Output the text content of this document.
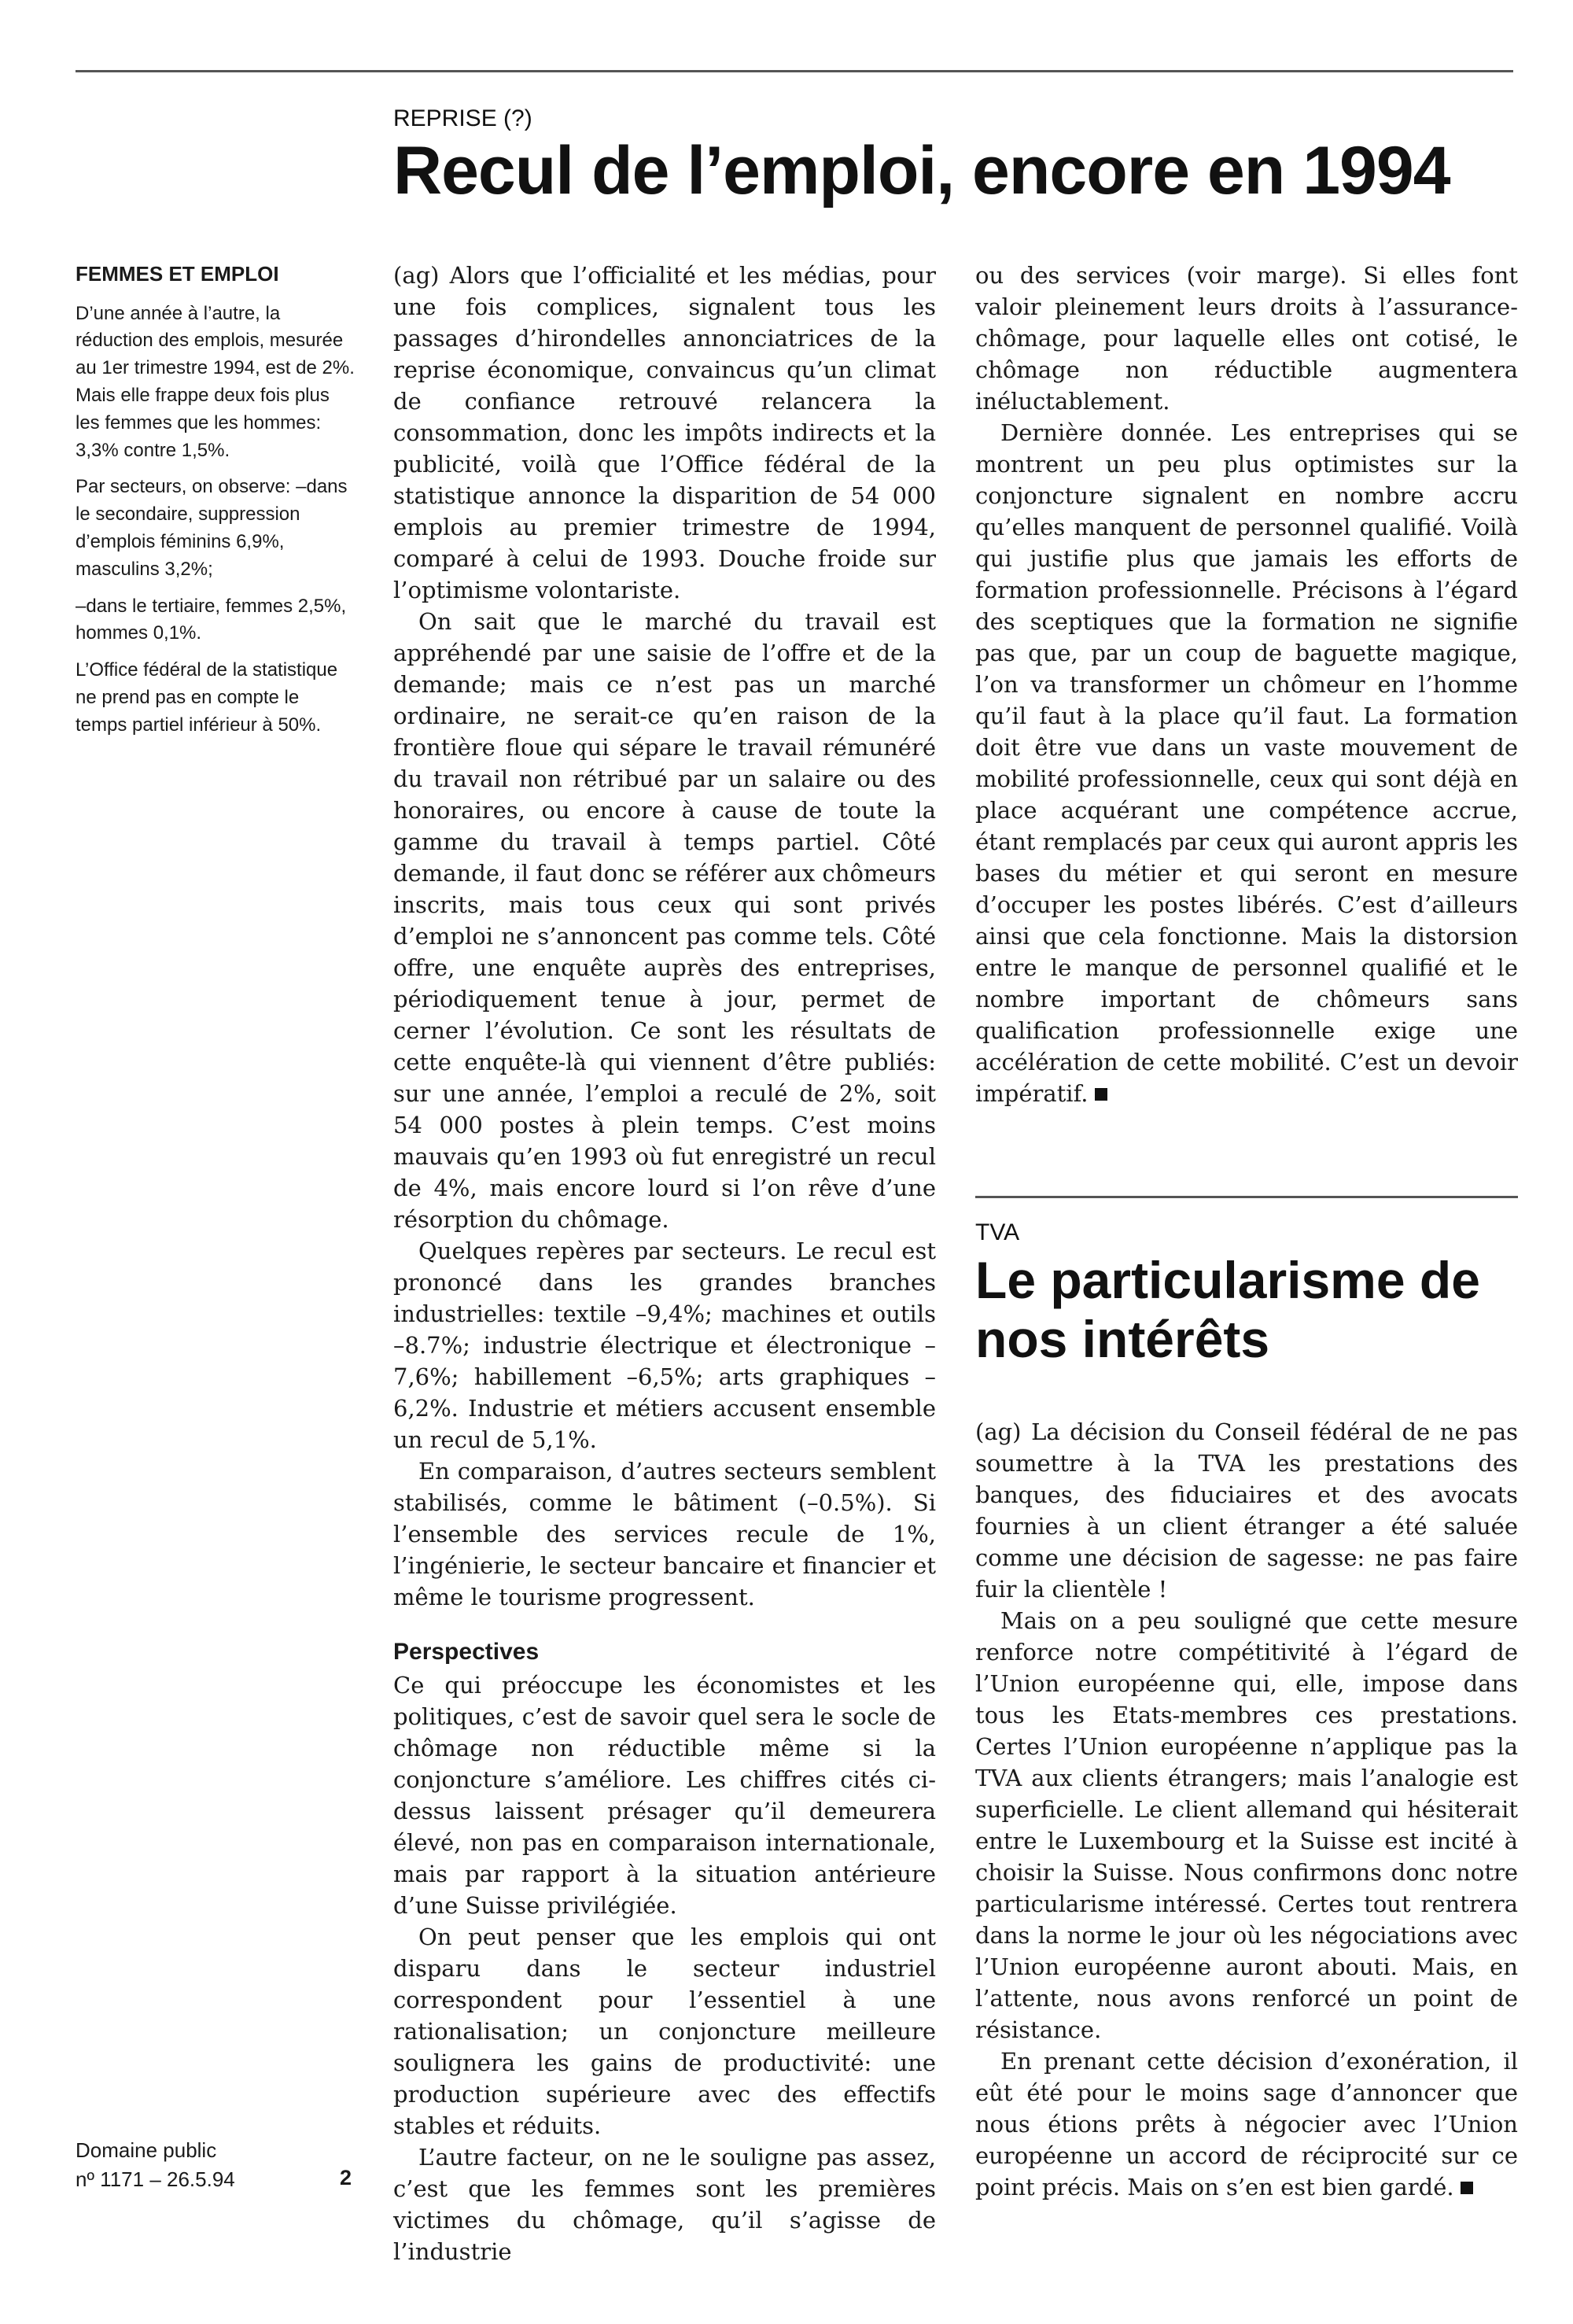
REPRISE (?)
Recul de l’emploi, encore en 1994
FEMMES ET EMPLOI

D’une année à l’autre, la réduction des emplois, mesurée au 1er trimestre 1994, est de 2%. Mais elle frappe deux fois plus les femmes que les hommes: 3,3% contre 1,5%.

Par secteurs, on observe: –dans le secondaire, suppression d’emplois féminins 6,9%, masculins 3,2%;

–dans le tertiaire, femmes 2,5%, hommes 0,1%.

L’Office fédéral de la statistique ne prend pas en compte le temps partiel inférieur à 50%.

(ag) Alors que l’officialité et les médias, pour une fois complices, signalent tous les passages d’hirondelles annonciatrices de la reprise économique, convaincus qu’un climat de confiance retrouvé relancera la consommation, donc les impôts indirects et la publicité, voilà que l’Office fédéral de la statistique annonce la disparition de 54 000 emplois au premier trimestre de 1994, comparé à celui de 1993. Douche froide sur l’optimisme volontariste.

On sait que le marché du travail est appréhendé par une saisie de l’offre et de la demande; mais ce n’est pas un marché ordinaire, ne serait-ce qu’en raison de la frontière floue qui sépare le travail rémunéré du travail non rétribué par un salaire ou des honoraires, ou encore à cause de toute la gamme du travail à temps partiel. Côté demande, il faut donc se référer aux chômeurs inscrits, mais tous ceux qui sont privés d’emploi ne s’annoncent pas comme tels. Côté offre, une enquête auprès des entreprises, périodiquement tenue à jour, permet de cerner l’évolution. Ce sont les résultats de cette enquête-là qui viennent d’être publiés: sur une année, l’emploi a reculé de 2%, soit 54 000 postes à plein temps. C’est moins mauvais qu’en 1993 où fut enregistré un recul de 4%, mais encore lourd si l’on rêve d’une résorption du chômage.

Quelques repères par secteurs. Le recul est prononcé dans les grandes branches industrielles: textile –9,4%; machines et outils –8.7%; industrie électrique et électronique –7,6%; habillement –6,5%; arts graphiques –6,2%. Industrie et métiers accusent ensemble un recul de 5,1%.

En comparaison, d’autres secteurs semblent stabilisés, comme le bâtiment (–0.5%). Si l’ensemble des services recule de 1%, l’ingénierie, le secteur bancaire et financier et même le tourisme progressent.

Perspectives

Ce qui préoccupe les économistes et les politiques, c’est de savoir quel sera le socle de chômage non réductible même si la conjoncture s’améliore. Les chiffres cités ci-dessus laissent présager qu’il demeurera élevé, non pas en comparaison internationale, mais par rapport à la situation antérieure d’une Suisse privilégiée.

On peut penser que les emplois qui ont disparu dans le secteur industriel correspondent pour l’essentiel à une rationalisation; un conjoncture meilleure soulignera les gains de productivité: une production supérieure avec des effectifs stables et réduits.

L’autre facteur, on ne le souligne pas assez, c’est que les femmes sont les premières victimes du chômage, qu’il s’agisse de l’industrie

ou des services (voir marge). Si elles font valoir pleinement leurs droits à l’assurance-chômage, pour laquelle elles ont cotisé, le chômage non réductible augmentera inéluctablement.

Dernière donnée. Les entreprises qui se montrent un peu plus optimistes sur la conjoncture signalent en nombre accru qu’elles manquent de personnel qualifié. Voilà qui justifie plus que jamais les efforts de formation professionnelle. Précisons à l’égard des sceptiques que la formation ne signifie pas que, par un coup de baguette magique, l’on va transformer un chômeur en l’homme qu’il faut à la place qu’il faut. La formation doit être vue dans un vaste mouvement de mobilité professionnelle, ceux qui sont déjà en place acquérant une compétence accrue, étant remplacés par ceux qui auront appris les bases du métier et qui seront en mesure d’occuper les postes libérés. C’est d’ailleurs ainsi que cela fonctionne. Mais la distorsion entre le manque de personnel qualifié et le nombre important de chômeurs sans qualification professionnelle exige une accélération de cette mobilité. C’est un devoir impératif.

TVA
Le particularisme de nos intérêts

(ag) La décision du Conseil fédéral de ne pas soumettre à la TVA les prestations des banques, des fiduciaires et des avocats fournies à un client étranger a été saluée comme une décision de sagesse: ne pas faire fuir la clientèle !

Mais on a peu souligné que cette mesure renforce notre compétitivité à l’égard de l’Union européenne qui, elle, impose dans tous les Etats-membres ces prestations. Certes l’Union européenne n’applique pas la TVA aux clients étrangers; mais l’analogie est superficielle. Le client allemand qui hésiterait entre le Luxembourg et la Suisse est incité à choisir la Suisse. Nous confirmons donc notre particularisme intéressé. Certes tout rentrera dans la norme le jour où les négociations avec l’Union européenne auront abouti. Mais, en l’attente, nous avons renforcé un point de résistance.

En prenant cette décision d’exonération, il eût été pour le moins sage d’annoncer que nous étions prêts à négocier avec l’Union européenne un accord de réciprocité sur ce point précis. Mais on s’en est bien gardé.

Domaine public
nº 1171 – 26.5.94	2
